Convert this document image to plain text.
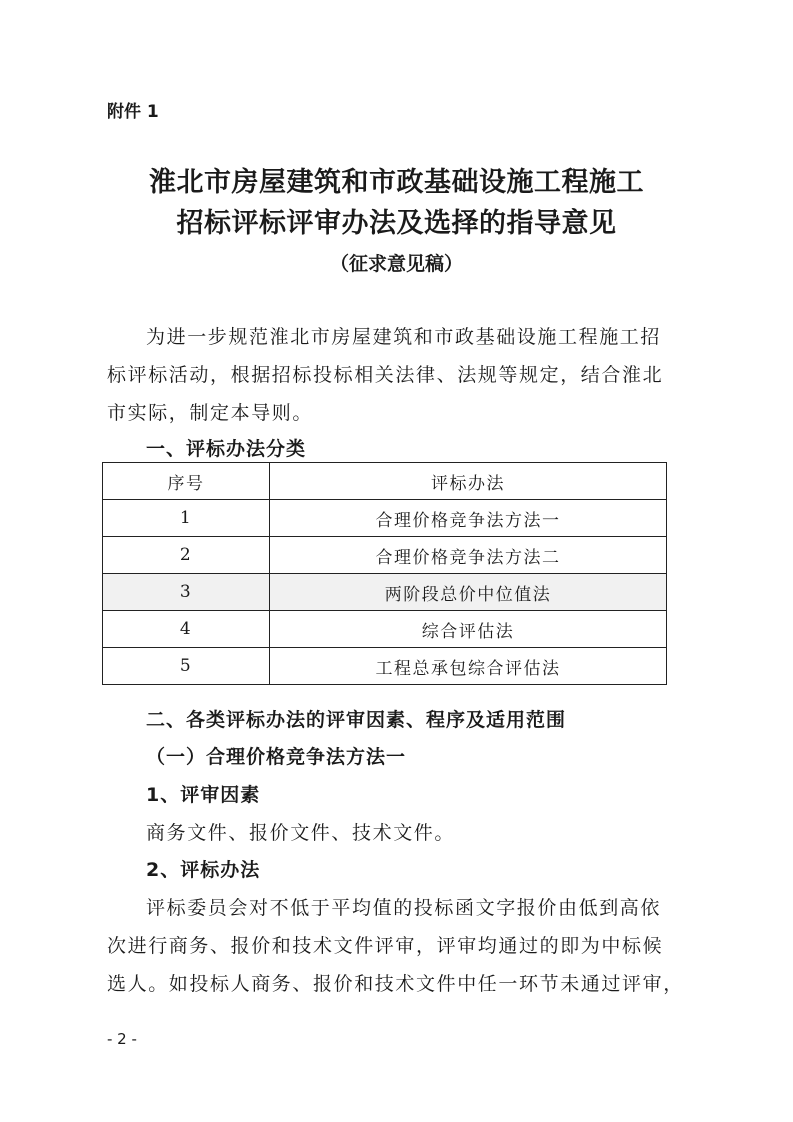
附件 1
淮北市房屋建筑和市政基础设施工程施工
招标评标评审办法及选择的指导意见
（征求意见稿）
为进一步规范淮北市房屋建筑和市政基础设施工程施工招
标评标活动，根据招标投标相关法律、法规等规定，结合淮北
市实际，制定本导则。
一、评标办法分类
序号	评标办法
1	合理价格竞争法方法一
2	合理价格竞争法方法二
3	两阶段总价中位值法
4	综合评估法
5	工程总承包综合评估法
二、各类评标办法的评审因素、程序及适用范围
（一）合理价格竞争法方法一
1、评审因素
商务文件、报价文件、技术文件。
2、评标办法
评标委员会对不低于平均值的投标函文字报价由低到高依
次进行商务、报价和技术文件评审，评审均通过的即为中标候
选人。如投标人商务、报价和技术文件中任一环节未通过评审，
- 2 -
